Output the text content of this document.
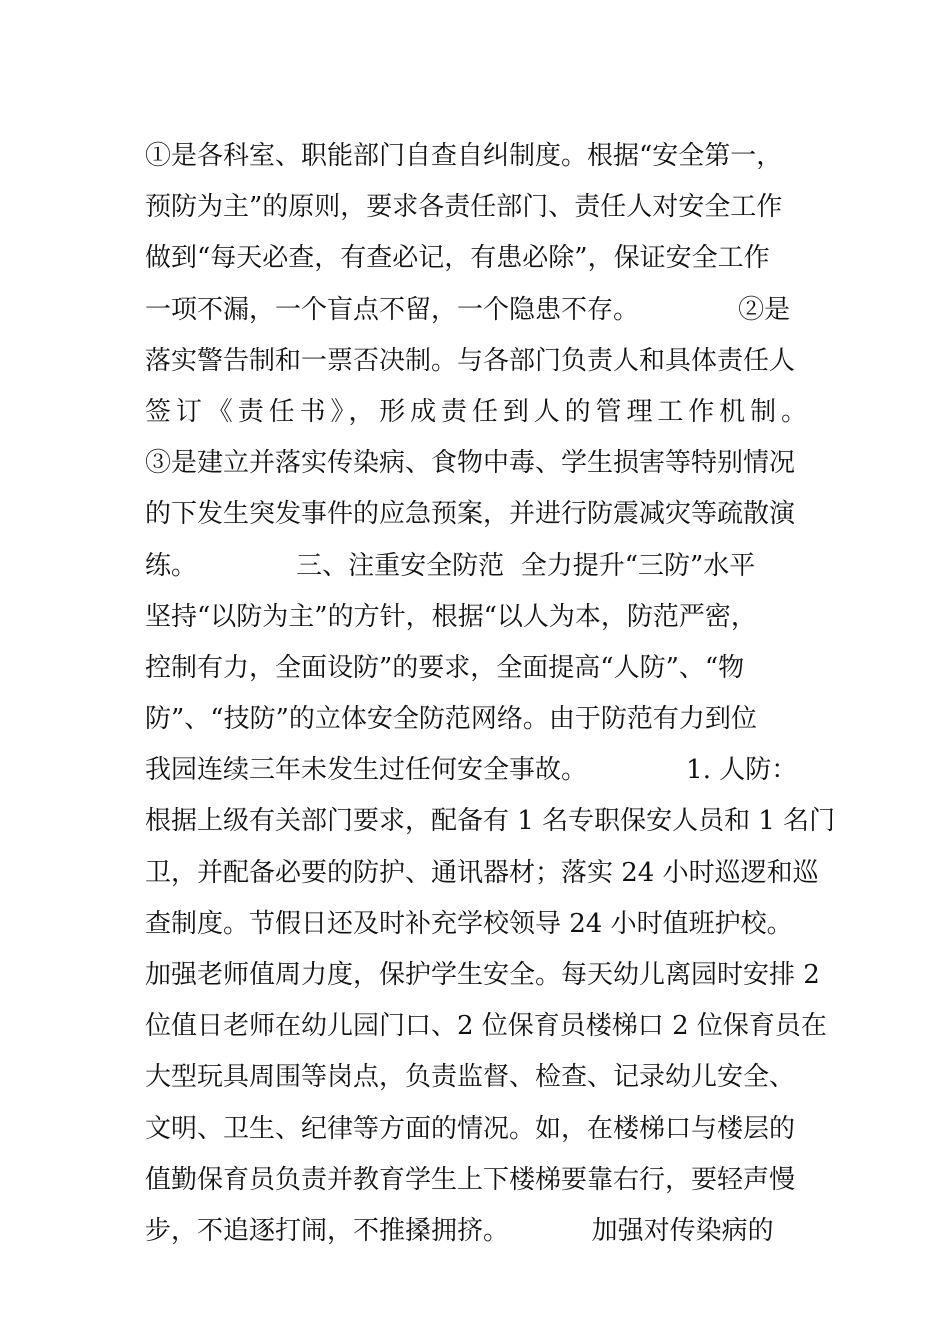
①是各科室、职能部门自查自纠制度。根据“安全第一，
预防为主”的原则，要求各责任部门、责任人对安全工作
做到“每天必查，有查必记，有患必除”，保证安全工作
一项不漏，一个盲点不留，一个隐患不存。            ②是
落实警告制和一票否决制。与各部门负责人和具体责任人
签订《责任书》，形成责任到人的管理工作机制。
③是建立并落实传染病、食物中毒、学生损害等特别情况
的下发生突发事件的应急预案，并进行防震减灾等疏散演
练。            三、注重安全防范  全力提升“三防”水平
坚持“以防为主”的方针，根据“以人为本，防范严密，
控制有力，全面设防”的要求，全面提高“人防”、“物
防”、“技防”的立体安全防范网络。由于防范有力到位
我园连续三年未发生过任何安全事故。            1. 人防：
根据上级有关部门要求，配备有 1 名专职保安人员和 1 名门
卫，并配备必要的防护、通讯器材；落实 24 小时巡逻和巡
查制度。节假日还及时补充学校领导 24 小时值班护校。
加强老师值周力度，保护学生安全。每天幼儿离园时安排 2
位值日老师在幼儿园门口、2 位保育员楼梯口 2 位保育员在
大型玩具周围等岗点，负责监督、检查、记录幼儿安全、
文明、卫生、纪律等方面的情况。如，在楼梯口与楼层的
值勤保育员负责并教育学生上下楼梯要靠右行，要轻声慢
步，不追逐打闹，不推搡拥挤。          加强对传染病的
